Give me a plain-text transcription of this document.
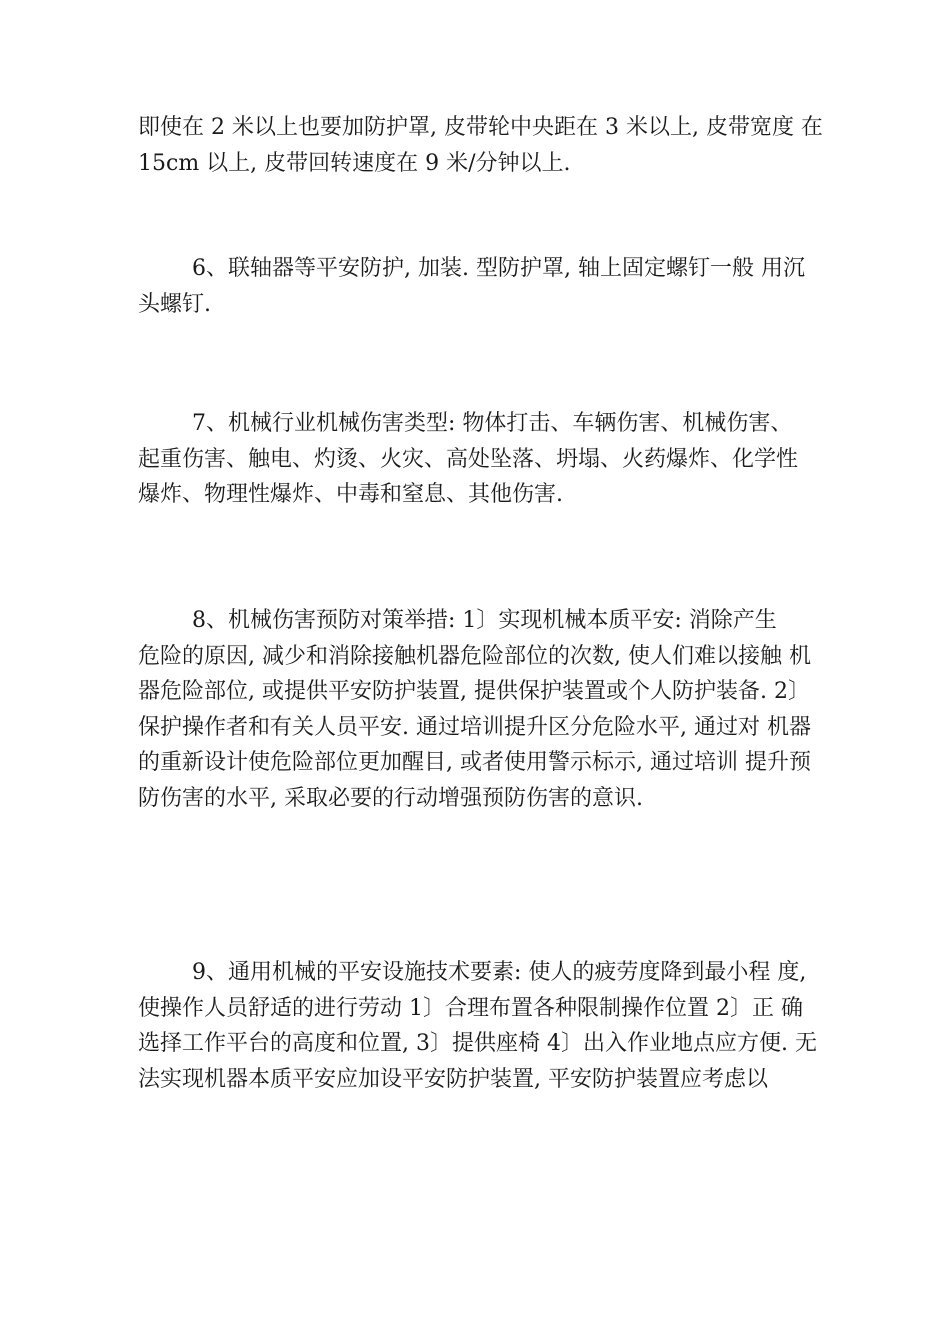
即使在 2 米以上也要加防护罩, 皮带轮中央距在 3 米以上, 皮带宽度 在
15cm 以上, 皮带回转速度在 9 米/分钟以上.

6、联轴器等平安防护, 加装. 型防护罩, 轴上固定螺钉一般 用沉
头螺钉.

7、机械行业机械伤害类型: 物体打击、车辆伤害、机械伤害、
起重伤害、触电、灼烫、火灾、高处坠落、坍塌、火药爆炸、化学性
爆炸、物理性爆炸、中毒和窒息、其他伤害.

8、机械伤害预防对策举措: 1〕实现机械本质平安: 消除产生
危险的原因, 减少和消除接触机器危险部位的次数, 使人们难以接触 机
器危险部位, 或提供平安防护装置, 提供保护装置或个人防护装备. 2〕
保护操作者和有关人员平安. 通过培训提升区分危险水平, 通过对 机器
的重新设计使危险部位更加醒目, 或者使用警示标示, 通过培训 提升预
防伤害的水平, 采取必要的行动增强预防伤害的意识.

9、通用机械的平安设施技术要素: 使人的疲劳度降到最小程 度,
使操作人员舒适的进行劳动 1〕合理布置各种限制操作位置 2〕正 确
选择工作平台的高度和位置, 3〕提供座椅 4〕出入作业地点应方便. 无
法实现机器本质平安应加设平安防护装置, 平安防护装置应考虑以
